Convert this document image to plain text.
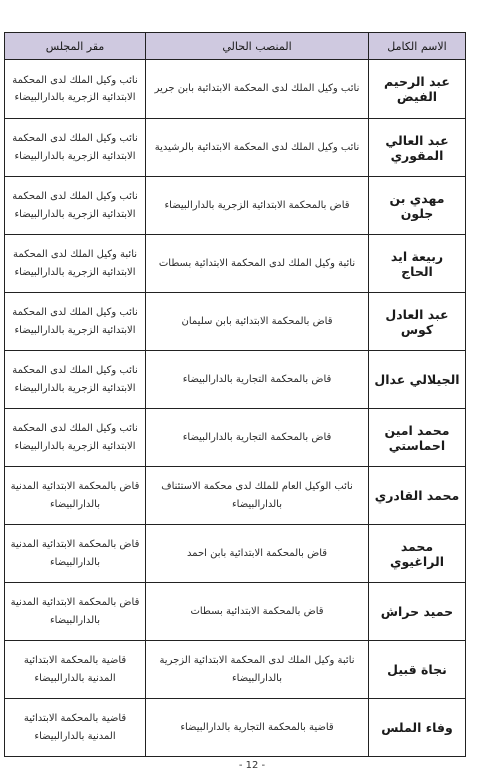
الاسم الكامل	المنصب الحالي	مقر المجلس
عبد الرحيم الفيض	نائب وكيل الملك لدى المحكمة الابتدائية بابن جرير	نائب وكيل الملك لدى المحكمة الابتدائية الزجرية بالدارالبيضاء
عبد العالي المقوري	نائب وكيل الملك لدى المحكمة الابتدائية بالرشيدية	نائب وكيل الملك لدى المحكمة الابتدائية الزجرية بالدارالبيضاء
مهدي بن جلون	قاض بالمحكمة الابتدائية الزجرية بالدارالبيضاء	نائب وكيل الملك لدى المحكمة الابتدائية الزجرية بالدارالبيضاء
ربيعة ايد الحاج	نائبة وكيل الملك لدى المحكمة الابتدائية بسطات	نائبة وكيل الملك لدى المحكمة الابتدائية الزجرية بالدارالبيضاء
عبد العادل كوس	قاض بالمحكمة الابتدائية بابن سليمان	نائب وكيل الملك لدى المحكمة الابتدائية الزجرية بالدارالبيضاء
الجيلالي عدال	قاض بالمحكمة التجارية بالدارالبيضاء	نائب وكيل الملك لدى المحكمة الابتدائية الزجرية بالدارالبيضاء
محمد امين احماستي	قاض بالمحكمة التجارية بالدارالبيضاء	نائب وكيل الملك لدى المحكمة الابتدائية الزجرية بالدارالبيضاء
محمد القادري	نائب الوكيل العام للملك لدى محكمة الاستئناف بالدارالبيضاء	قاض بالمحكمة الابتدائية المدنية بالدارالبيضاء
محمد الراغيوي	قاض بالمحكمة الابتدائية بابن احمد	قاض بالمحكمة الابتدائية المدنية بالدارالبيضاء
حميد حراش	قاض بالمحكمة الابتدائية بسطات	قاض بالمحكمة الابتدائية المدنية بالدارالبيضاء
نجاة قبيل	نائبة وكيل الملك لدى المحكمة الابتدائية الزجرية بالدارالبيضاء	قاضية بالمحكمة الابتدائية المدنية بالدارالبيضاء
وفاء الملس	قاضية بالمحكمة التجارية بالدارالبيضاء	قاضية بالمحكمة الابتدائية المدنية بالدارالبيضاء
- 12 -
